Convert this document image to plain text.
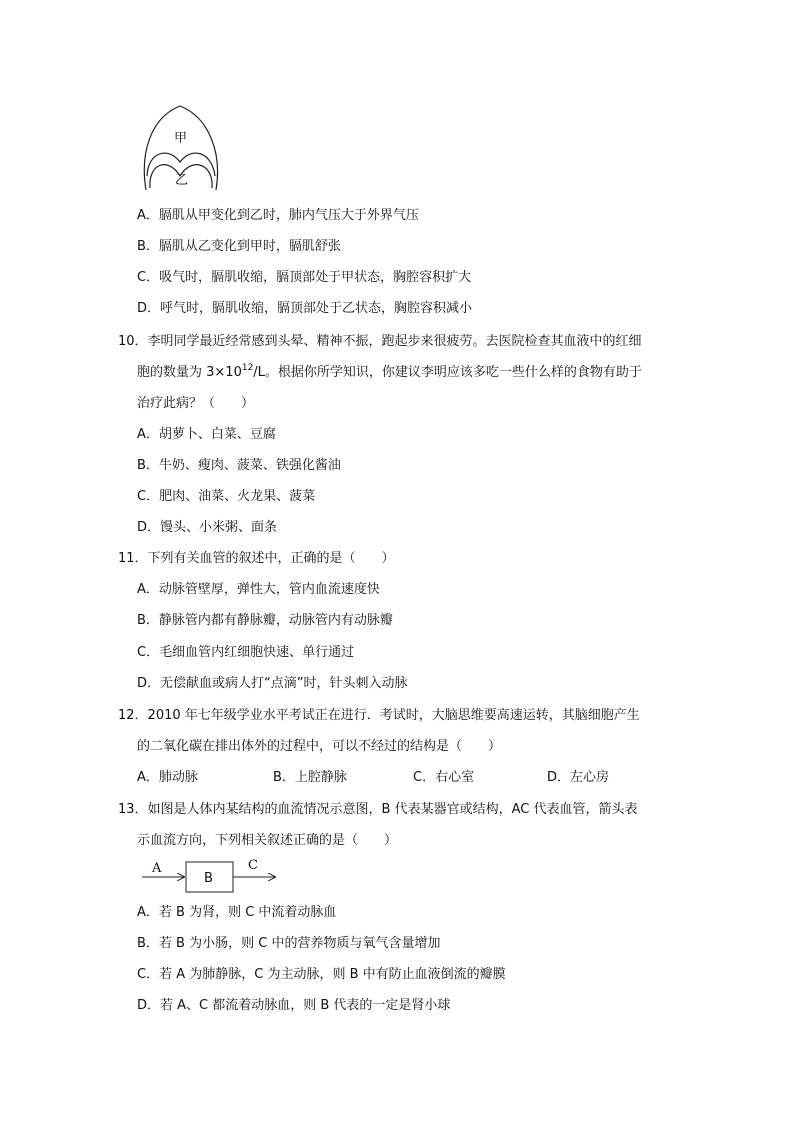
甲
乙
A．膈肌从甲变化到乙时，肺内气压大于外界气压
B．膈肌从乙变化到甲时，膈肌舒张
C．吸气时，膈肌收缩，膈顶部处于甲状态，胸腔容积扩大
D．呼气时，膈肌收缩，膈顶部处于乙状态，胸腔容积减小
10．李明同学最近经常感到头晕、精神不振，跑起步来很疲劳。去医院检查其血液中的红细
胞的数量为 $3\times 10^{12}/L$。根据你所学知识，你建议李明应该多吃一些什么样的食物有助于
治疗此病？（　　）
A．胡萝卜、白菜、豆腐
B．牛奶、瘦肉、菠菜、铁强化酱油
C．肥肉、油菜、火龙果、菠菜
D．馒头、小米粥、面条
11．下列有关血管的叙述中，正确的是（　　）
A．动脉管壁厚，弹性大，管内血流速度快
B．静脉管内都有静脉瓣，动脉管内有动脉瓣
C．毛细血管内红细胞快速、单行通过
D．无偿献血或病人打“点滴”时，针头刺入动脉
12．2010 年七年级学业水平考试正在进行．考试时，大脑思维要高速运转，其脑细胞产生
的二氧化碳在排出体外的过程中，可以不经过的结构是（　　）
A．肺动脉	B．上腔静脉	C．右心室	D．左心房
13．如图是人体内某结构的血流情况示意图，B 代表某器官或结构，AC 代表血管，箭头表
示血流方向，下列相关叙述正确的是（　　）
A
B
C
A．若 B 为肾，则 C 中流着动脉血
B．若 B 为小肠，则 C 中的营养物质与氧气含量增加
C．若 A 为肺静脉，C 为主动脉，则 B 中有防止血液倒流的瓣膜
D．若 A、C 都流着动脉血，则 B 代表的一定是肾小球
